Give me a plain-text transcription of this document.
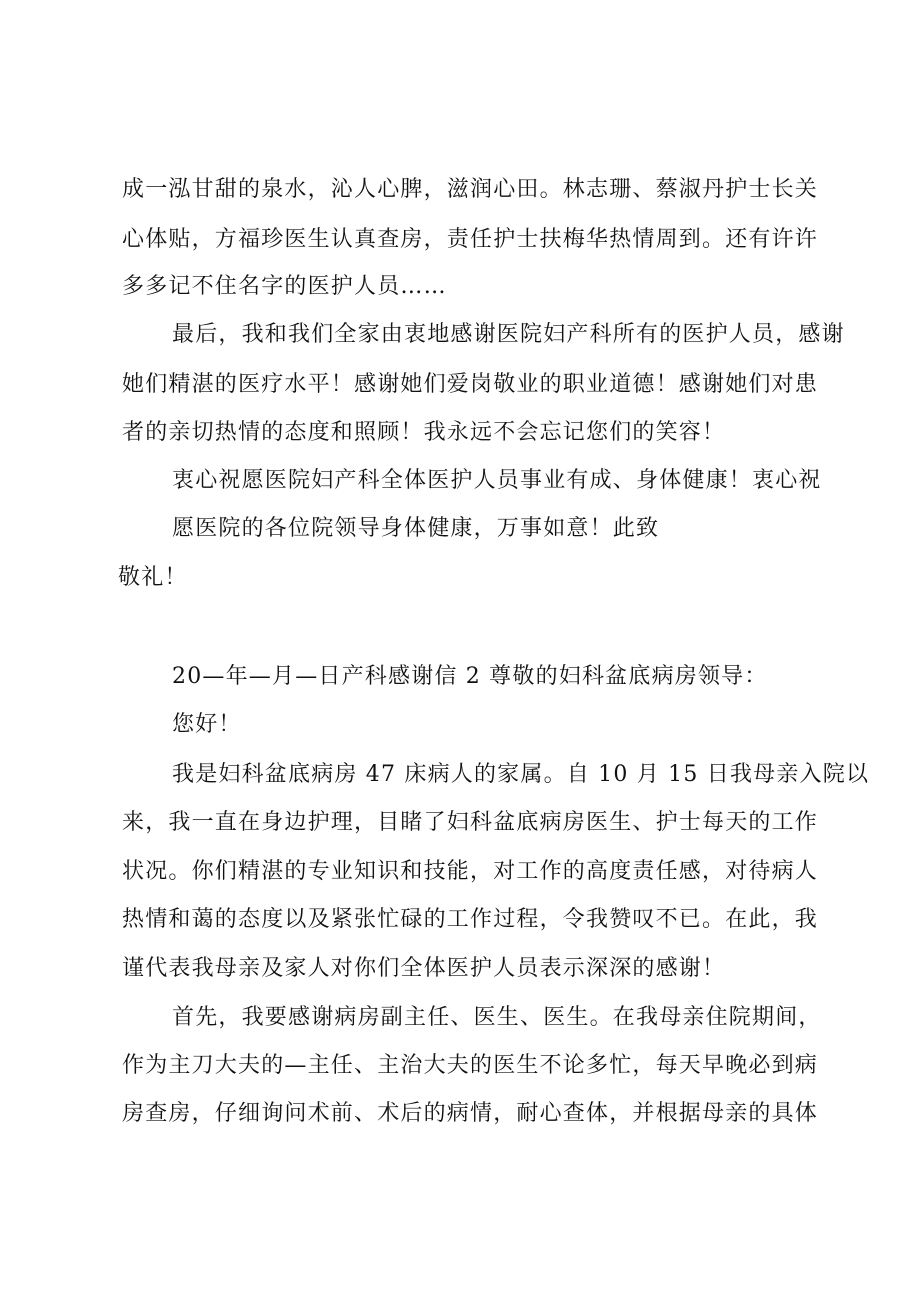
成一泓甘甜的泉水，沁人心脾，滋润心田。林志珊、蔡淑丹护士长关
心体贴，方福珍医生认真查房，责任护士扶梅华热情周到。还有许许
多多记不住名字的医护人员……
最后，我和我们全家由衷地感谢医院妇产科所有的医护人员，感谢
她们精湛的医疗水平！感谢她们爱岗敬业的职业道德！感谢她们对患
者的亲切热情的态度和照顾！我永远不会忘记您们的笑容！
衷心祝愿医院妇产科全体医护人员事业有成、身体健康！衷心祝
愿医院的各位院领导身体健康，万事如意！此致
敬礼！
20—年—月—日产科感谢信 2 尊敬的妇科盆底病房领导：
您好！
我是妇科盆底病房 47 床病人的家属。自 10 月 15 日我母亲入院以
来，我一直在身边护理，目睹了妇科盆底病房医生、护士每天的工作
状况。你们精湛的专业知识和技能，对工作的高度责任感，对待病人
热情和蔼的态度以及紧张忙碌的工作过程，令我赞叹不已。在此，我
谨代表我母亲及家人对你们全体医护人员表示深深的感谢！
首先，我要感谢病房副主任、医生、医生。在我母亲住院期间，
作为主刀大夫的—主任、主治大夫的医生不论多忙，每天早晚必到病
房查房，仔细询问术前、术后的病情，耐心查体，并根据母亲的具体
